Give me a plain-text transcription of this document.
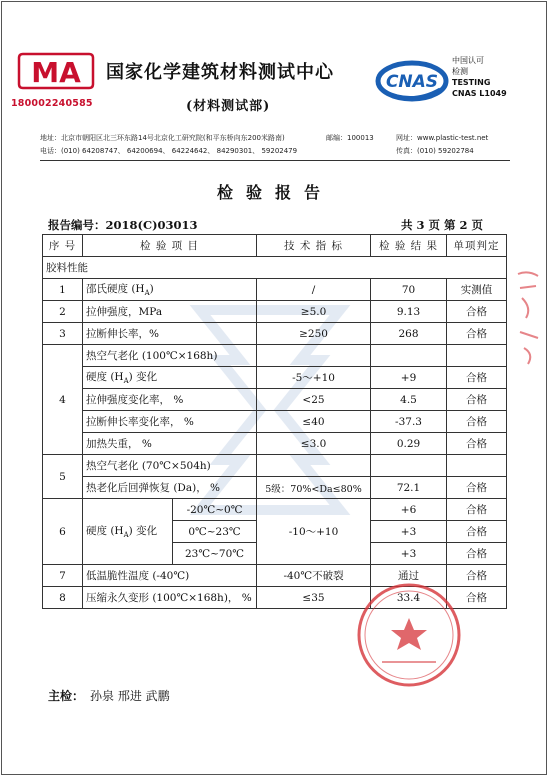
MA
180002240585
国家化学建筑材料测试中心
(材料测试部)
CNAS
中国认可
检测
TESTING
CNAS L1049
地址：北京市朝阳区北三环东路14号北京化工研究院(和平东桥向东200米路南)	邮编：100013	网址：www.plastic-test.net
电话：(010) 64208747、 64200694、 64224642、 84290301、 59202479	传真：(010) 59202784
检验报告
报告编号：2018(C)03013	共 3 页 第 2 页
序 号	检 验 项 目		技 术 指 标	检 验 结 果	单项判定
胶料性能					
1	邵氏硬度 $(H_A)$		/	70	实测值
2	拉伸强度，MPa		≥5.0	9.13	合格
3	拉断伸长率，%		≥250	268	合格
4	热空气老化 (100℃×168h)				
	硬度 $(H_A)$ 变化		-5～+10	+9	合格
	拉伸强度变化率， %		<25	4.5	合格
	拉断伸长率变化率， %		≤40	-37.3	合格
	加热失重， %		≤3.0	0.29	合格
5	热空气老化 (70℃×504h)				
	热老化后回弹恢复 (Da)， %		5级：70%<Da≤80%	72.1	合格
6	硬度 $(H_A)$ 变化	-20℃~0℃	-10～+10	+6	合格
		0℃~23℃		+3	合格
		23℃~70℃		+3	合格
7	低温脆性温度 (-40℃)		-40℃不破裂	通过	合格
8	压缩永久变形 (100℃×168h)， %		≤35	33.4	合格
主检： 孙泉 邢进 武鹏
